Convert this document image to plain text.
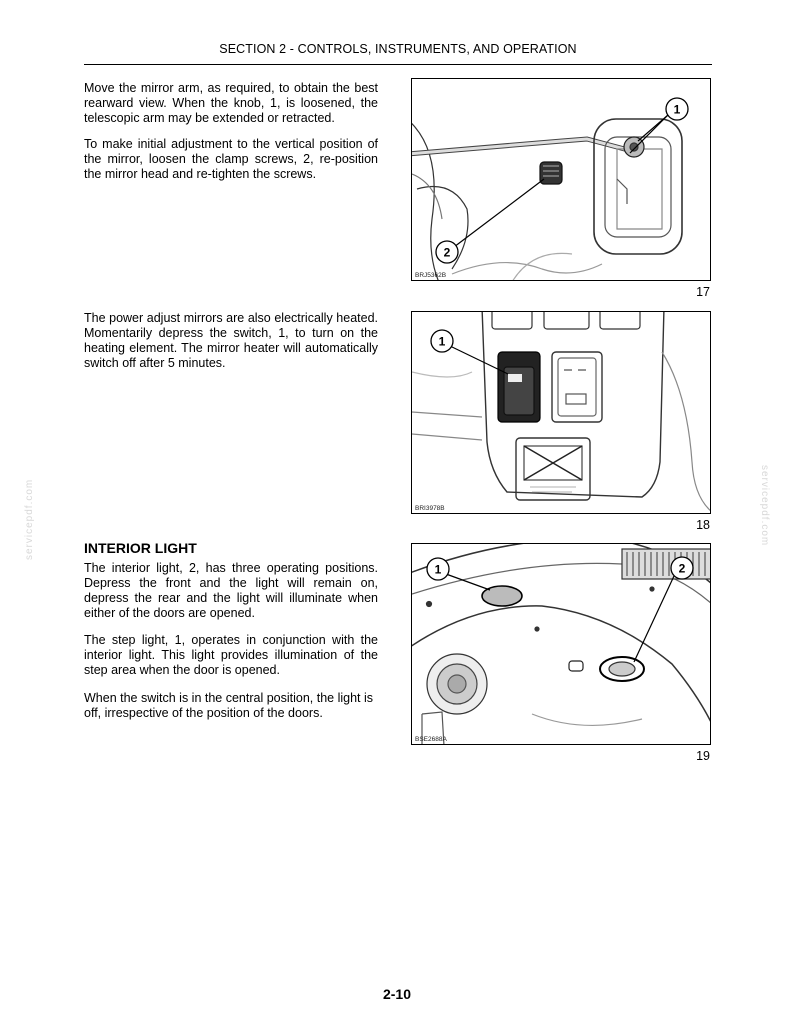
SECTION 2 - CONTROLS, INSTRUMENTS, AND OPERATION

Move the mirror arm, as required, to obtain the best rearward view. When the knob, 1, is loosened, the telescopic arm may be extended or retracted.

To make initial adjustment to the vertical position of the mirror, loosen the clamp screws, 2, re-position the mirror head and re-tighten the screws.

The power adjust mirrors are also electrically heated. Momentarily depress the switch, 1, to turn on the heating element. The mirror heater will automatically switch off after 5 minutes.

INTERIOR LIGHT

The interior light, 2, has three operating positions. Depress the front and the light will remain on, depress the rear and the light will illuminate when either of the doors are opened.

The step light, 1, operates in conjunction with the interior light. This light provides illumination of the step area when the door is opened.

When the switch is in the central position, the light is off, irrespective of the position of the doors.

1
2
BRJ5362B
17
1
BRI3978B
18
1	2
BSE2688A
19
servicepdf.com	servicepdf.com
2-10
